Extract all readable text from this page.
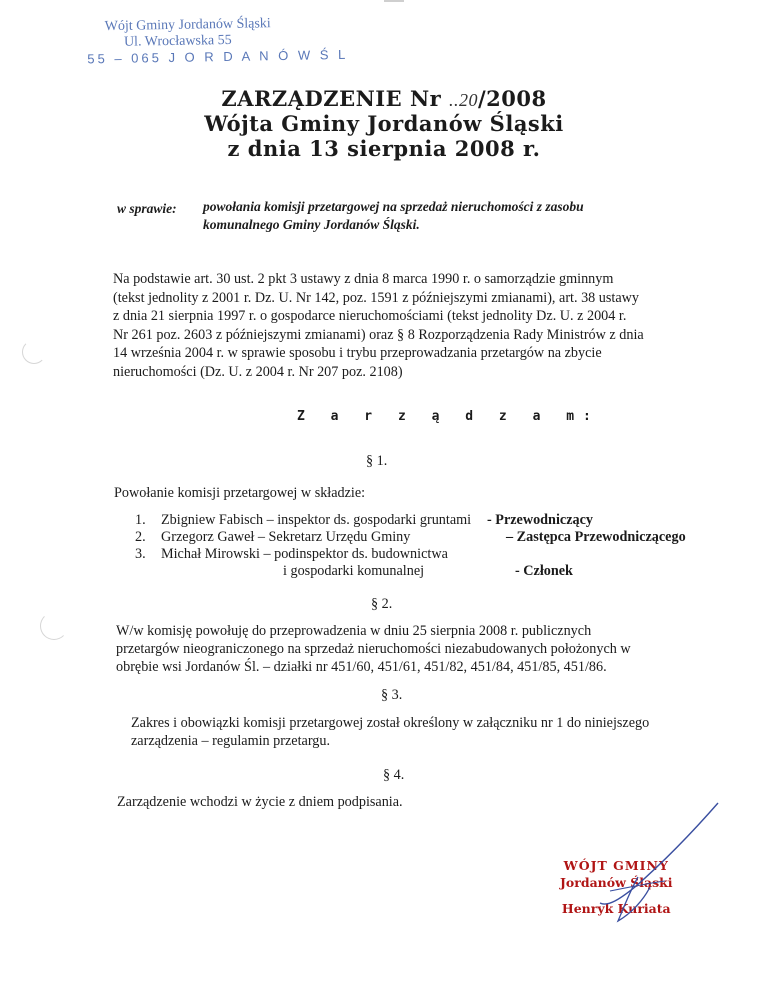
Wójt Gminy Jordanów Śląski
Ul. Wrocławska 55
55 – 065 J O R D A N Ó W Ś L
ZARZĄDZENIE Nr ..20/2008
Wójta Gminy Jordanów Śląski
z dnia 13 sierpnia 2008 r.
w sprawie: powołania komisji przetargowej na sprzedaż nieruchomości z zasobu
komunalnego Gminy Jordanów Śląski.
Na podstawie art. 30 ust. 2 pkt 3 ustawy z dnia 8 marca 1990 r. o samorządzie gminnym
(tekst jednolity z 2001 r. Dz. U. Nr 142, poz. 1591 z późniejszymi zmianami), art. 38 ustawy
z dnia 21 sierpnia 1997 r. o gospodarce nieruchomościami (tekst jednolity Dz. U. z 2004 r.
Nr 261 poz. 2603 z późniejszymi zmianami) oraz § 8 Rozporządzenia Rady Ministrów z dnia
14 września 2004 r. w sprawie sposobu i trybu przeprowadzania przetargów na zbycie
nieruchomości (Dz. U. z 2004 r. Nr 207 poz. 2108)
Z a r z ą d z a m:
§ 1.
Powołanie komisji przetargowej w składzie:
1. Zbigniew Fabisch – inspektor ds. gospodarki gruntami - Przewodniczący
2. Grzegorz Gaweł – Sekretarz Urzędu Gminy	– Zastępca Przewodniczącego
3. Michał Mirowski – podinspektor ds. budownictwa
i gospodarki komunalnej	- Członek
§ 2.
W/w komisję powołuję do przeprowadzenia w dniu 25 sierpnia 2008 r. publicznych
przetargów nieograniczonego na sprzedaż nieruchomości niezabudowanych położonych w
obrębie wsi Jordanów Śl. – działki nr 451/60, 451/61, 451/82, 451/84, 451/85, 451/86.
§ 3.
Zakres i obowiązki komisji przetargowej został określony w załączniku nr 1 do niniejszego
zarządzenia – regulamin przetargu.
§ 4.
Zarządzenie wchodzi w życie z dniem podpisania.
WÓJT GMINY
Jordanów Śląski
Henryk Kuriata
